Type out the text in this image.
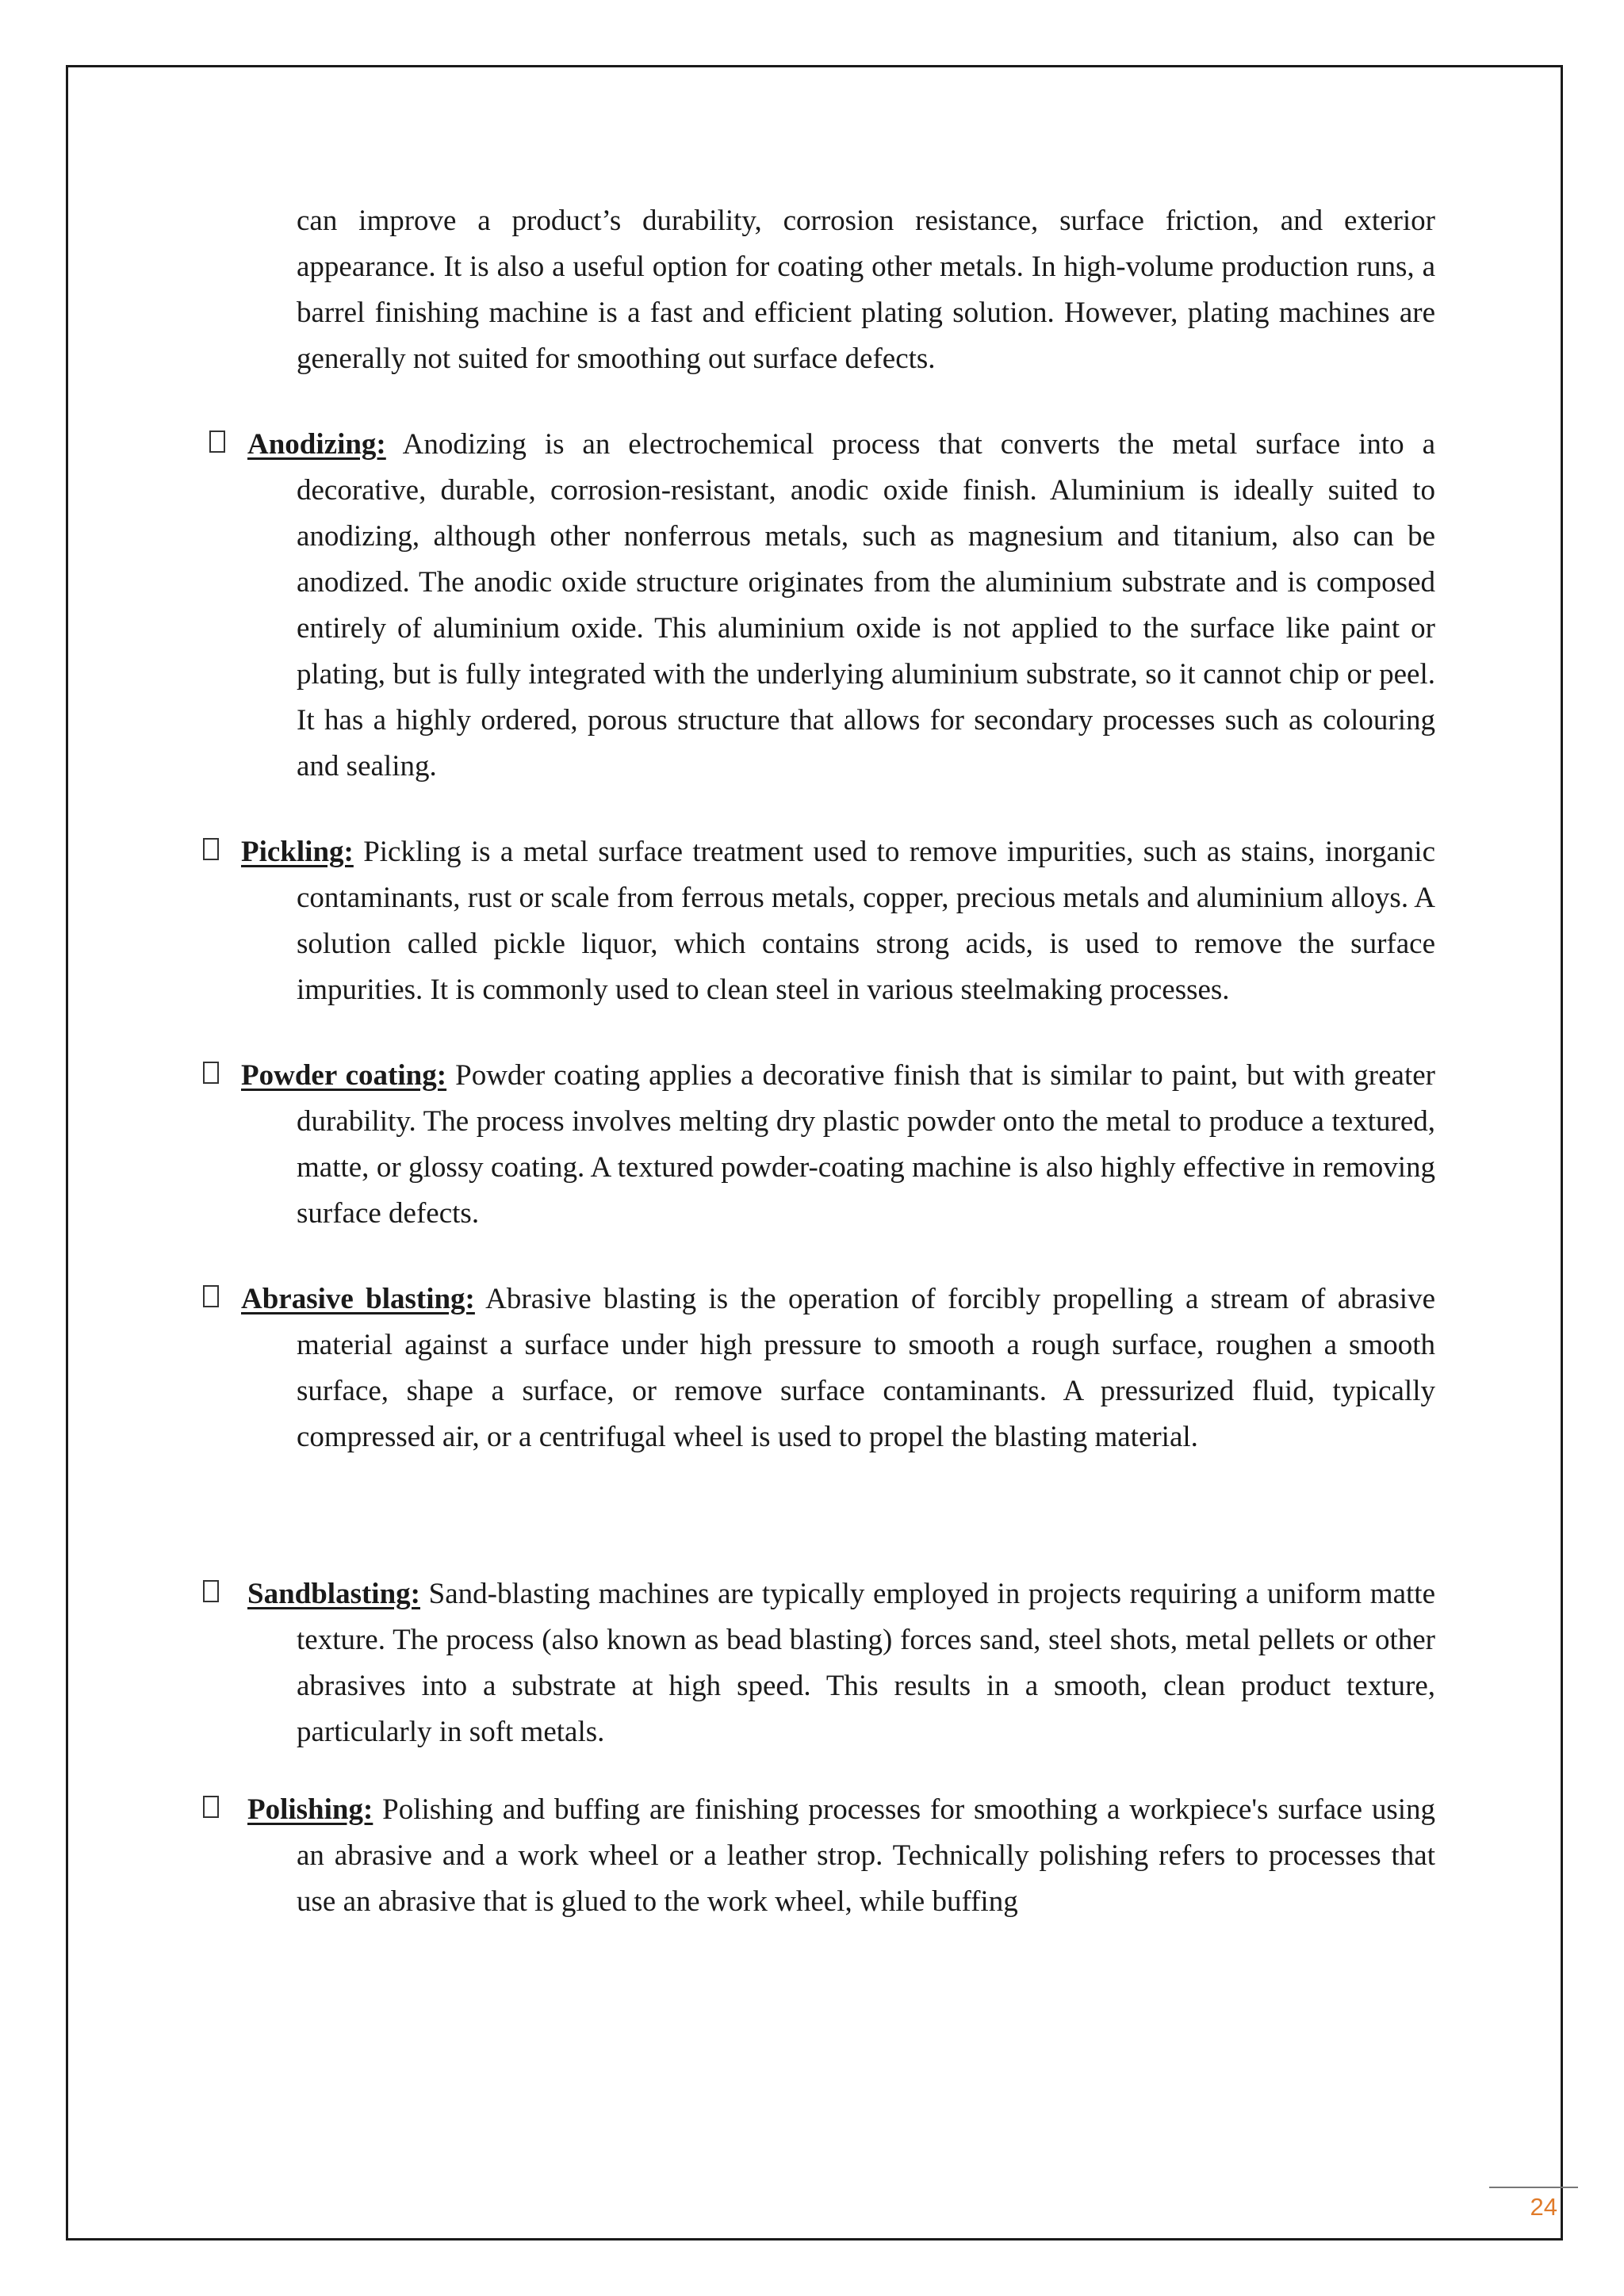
can improve a product’s durability, corrosion resistance, surface friction, and exterior appearance. It is also a useful option for coating other metals. In high-volume production runs, a barrel finishing machine is a fast and efficient plating solution. However, plating machines are generally not suited for smoothing out surface defects.

Anodizing: Anodizing is an electrochemical process that converts the metal surface into a decorative, durable, corrosion-resistant, anodic oxide finish. Aluminium is ideally suited to anodizing, although other nonferrous metals, such as magnesium and titanium, also can be anodized. The anodic oxide structure originates from the aluminium substrate and is composed entirely of aluminium oxide. This aluminium oxide is not applied to the surface like paint or plating, but is fully integrated with the underlying aluminium substrate, so it cannot chip or peel. It has a highly ordered, porous structure that allows for secondary processes such as colouring and sealing.

Pickling: Pickling is a metal surface treatment used to remove impurities, such as stains, inorganic contaminants, rust or scale from ferrous metals, copper, precious metals and aluminium alloys. A solution called pickle liquor, which contains strong acids, is used to remove the surface impurities. It is commonly used to clean steel in various steelmaking processes.

Powder coating: Powder coating applies a decorative finish that is similar to paint, but with greater durability. The process involves melting dry plastic powder onto the metal to produce a textured, matte, or glossy coating. A textured powder-coating machine is also highly effective in removing surface defects.

Abrasive blasting: Abrasive blasting is the operation of forcibly propelling a stream of abrasive material against a surface under high pressure to smooth a rough surface, roughen a smooth surface, shape a surface, or remove surface contaminants. A pressurized fluid, typically compressed air, or a centrifugal wheel is used to propel the blasting material.

Sandblasting: Sand-blasting machines are typically employed in projects requiring a uniform matte texture. The process (also known as bead blasting) forces sand, steel shots, metal pellets or other abrasives into a substrate at high speed. This results in a smooth, clean product texture, particularly in soft metals.

Polishing: Polishing and buffing are finishing processes for smoothing a workpiece's surface using an abrasive and a work wheel or a leather strop. Technically polishing refers to processes that use an abrasive that is glued to the work wheel, while buffing

24
